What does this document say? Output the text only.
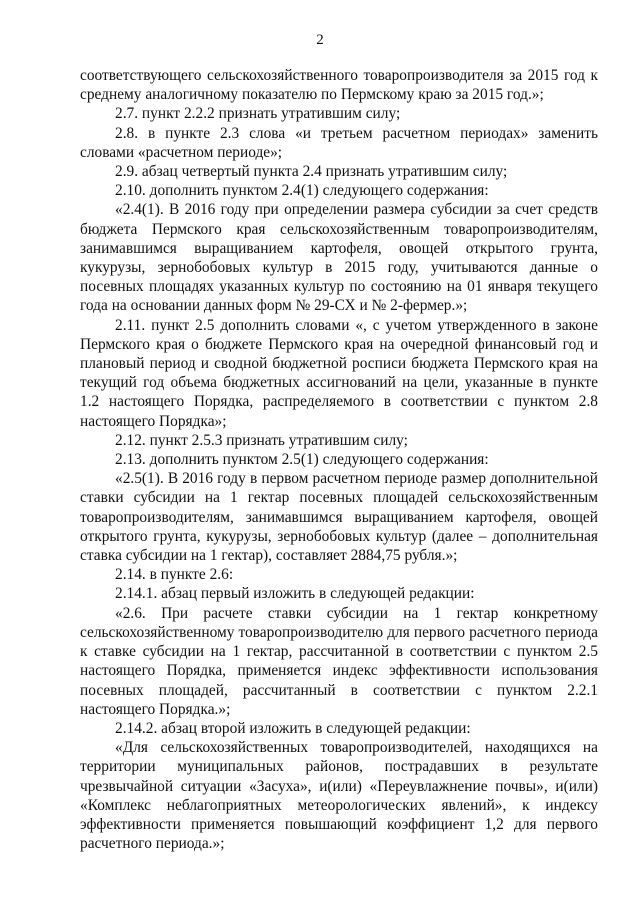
2

соответствующего сельскохозяйственного товаропроизводителя за 2015 год к среднему аналогичному показателю по Пермскому краю за 2015 год.»;

2.7. пункт 2.2.2 признать утратившим силу;

2.8. в пункте 2.3 слова «и третьем расчетном периодах» заменить словами «расчетном периоде»;

2.9. абзац четвертый пункта 2.4 признать утратившим силу;

2.10. дополнить пунктом 2.4(1) следующего содержания:

«2.4(1). В 2016 году при определении размера субсидии за счет средств бюджета Пермского края сельскохозяйственным товаропроизводителям, занимавшимся выращиванием картофеля, овощей открытого грунта, кукурузы, зернобобовых культур в 2015 году, учитываются данные о посевных площадях указанных культур по состоянию на 01 января текущего года на основании данных форм № 29-СХ и № 2-фермер.»;

2.11. пункт 2.5 дополнить словами «, с учетом утвержденного в законе Пермского края о бюджете Пермского края на очередной финансовый год и плановый период и сводной бюджетной росписи бюджета Пермского края на текущий год объема бюджетных ассигнований на цели, указанные в пункте 1.2 настоящего Порядка, распределяемого в соответствии с пунктом 2.8 настоящего Порядка»;

2.12. пункт 2.5.3 признать утратившим силу;

2.13. дополнить пунктом 2.5(1) следующего содержания:

«2.5(1). В 2016 году в первом расчетном периоде размер дополнительной ставки субсидии на 1 гектар посевных площадей сельскохозяйственным товаропроизводителям, занимавшимся выращиванием картофеля, овощей открытого грунта, кукурузы, зернобобовых культур (далее – дополнительная ставка субсидии на 1 гектар), составляет 2884,75 рубля.»;

2.14. в пункте 2.6:

2.14.1. абзац первый изложить в следующей редакции:

«2.6. При расчете ставки субсидии на 1 гектар конкретному сельскохозяйственному товаропроизводителю для первого расчетного периода к ставке субсидии на 1 гектар, рассчитанной в соответствии с пунктом 2.5 настоящего Порядка, применяется индекс эффективности использования посевных площадей, рассчитанный в соответствии с пунктом 2.2.1 настоящего Порядка.»;

2.14.2. абзац второй изложить в следующей редакции:

«Для сельскохозяйственных товаропроизводителей, находящихся на территории муниципальных районов, пострадавших в результате чрезвычайной ситуации «Засуха», и(или) «Переувлажнение почвы», и(или) «Комплекс неблагоприятных метеорологических явлений», к индексу эффективности применяется повышающий коэффициент 1,2 для первого расчетного периода.»;
